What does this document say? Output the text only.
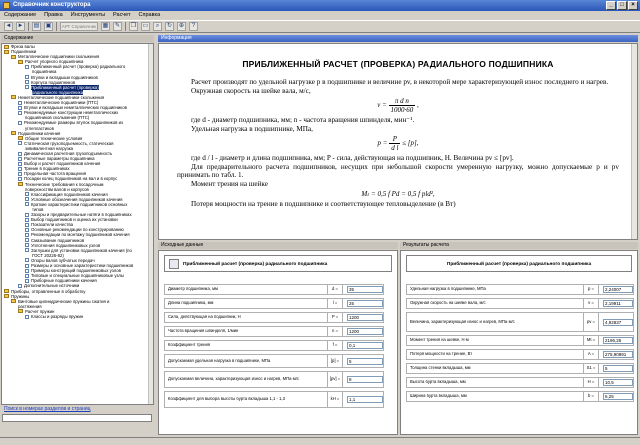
Справочник конструктора	_	□	×
Содержание Правка Инструменты Расчет Справка
◄ ► ▤ ▣	АРТ Справочник ▦	✎	❐	▭	⌕	↻	⊕	?
Содержание
Фреза валы
Подшипники
Металлические подшипники скольжения
Расчет упорного подшипника
Приближенный расчет (проверка) радиального
подшипника
Втулки и вкладыши подшипников
Корпуса подшипников
Приближенный расчет (проверка)
радиального подшипника
Неметаллические подшипники скольжения
Неметаллические подшипники (ПТС)
Втулки и вкладыши неметаллических подшипников
Рекомендуемые конструкции неметаллических
подшипников скольжения (ПТС)
Рекомендуемые размеры втулок подшипников из
углепластиков
Подшипники качения
Общие технические условия
Статическая грузоподъемность, статическая
эквивалентная нагрузка
Динамическая расчетная грузоподъемность
Расчетные параметры подшипника
Выбор и расчет подшипников качения
Трение в подшипниках
Предельная частота вращения
Посадки колец подшипников на вал и в корпус
Технические требования к посадочным
поверхностям валов и корпусов
Классификация подшипников качения
Условные обозначения подшипников качения
Краткие характеристики подшипников основных
типов
Зазоры и предварительные натяги в подшипниках
Выбор подшипников и оценка их установки
Показатели качества
Основные рекомендации по конструированию
Рекомендации по монтажу подшипников качения
Смазывание подшипников
Уплотнения подшипниковых узлов
Заглушки для установки подшипников качения (по
ГОСТ 20226-82)
Опоры валов зубчатых передач
Размеры и основные характеристики подшипников
Примеры конструкций подшипниковых узлов
Типовые и специальные подшипниковые узлы
Приборные подшипники качения
Дополнительные источники
Приборы, отправленные в обработку
Пружины
Винтовые цилиндрические пружины сжатия и
растяжения
Расчет пружин
Классы и разряды пружин
Поиск в номерах разделов и страниц
Информация
ПРИБЛИЖЕННЫЙ РАСЧЕТ (ПРОВЕРКА) РАДИАЛЬНОГО ПОДШИПНИКА

Расчет производят по удельной нагрузке p в подшипнике и величине pv, в некоторой мере характеризующей износ последнего и нагрев.

Окружная скорость на шейке вала, м/с,

$v = \frac{\text{π d n}}{1000\cdot 60}$ ,

где d - диаметр подшипника, мм; n - частота вращения шпинделя, мин⁻¹.

Удельная нагрузка в подшипнике, МПа,

$p = \frac{P}{\text{d l}} \le [p]$,

где d / l - диаметр и длина подшипника, мм; P - сила, действующая на подшипник, Н. Величина pv ≤ [pv].

Для предварительного расчета подшипников, несущих при небольшой скорости умеренную нагрузку, можно допускаемые p и pv принимать по табл. 1.

Момент трения на шейке

Mₜ = 0,5 f Pd = 0,5 f pld²,

Потеря мощности на трение в подшипнике и соответствующее тепловыделение (в Вт)

Исходные данные	Результаты расчета
Приближенный расчет (проверка) радиального подшипника
Диаметр подшипника, мм	d =	35
Длина подшипника, мм	l =	25
Сила, действующая на подшипник, Н	P =	1200
Частота вращения шпинделя, 1/мин	n =	1200
Коэффициент трения	f =	0,1
Допускаемая удельная нагрузка в подшипнике, МПа	[p] =	5
Допускаемая величина, характеризующая износ и нагрев, МПа·м/с	[pv] =	8
Коэффициент для выбора высоты бурта вкладыша 1,1 - 1,3	kH =	1,1
Приближенный расчет (проверка) радиального подшипника
Удельная нагрузка в подшипнике, МПа	p =	2,24007
Окружная скорость на шейке вала, м/с	v =	2,19911
Величина, характеризующая износ и нагрев, МПа·м/с	pv =	4,92837
Момент трения на шейке, Н·м	Mt =	2196,25
Потеря мощности на трение, Вт	A =	275,90891
Толщина стенки вкладыша, мм	S1 =	5
Высота бурта вкладыша, мм	H =	10,5
Ширина бурта вкладыша, мм	b =	6,25
